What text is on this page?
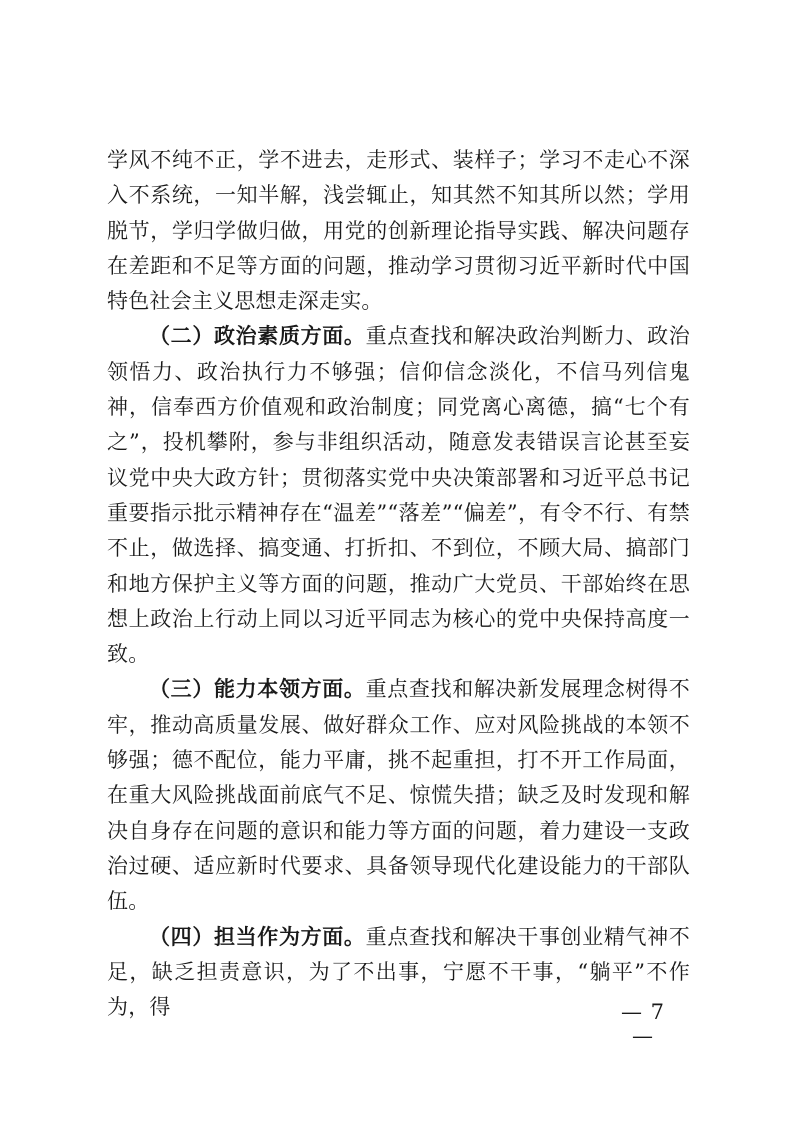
学风不纯不正，学不进去，走形式、装样子；学习不走心不深入不系统，一知半解，浅尝辄止，知其然不知其所以然；学用脱节，学归学做归做，用党的创新理论指导实践、解决问题存在差距和不足等方面的问题，推动学习贯彻习近平新时代中国特色社会主义思想走深走实。

（二）政治素质方面。重点查找和解决政治判断力、政治领悟力、政治执行力不够强；信仰信念淡化，不信马列信鬼神，信奉西方价值观和政治制度；同党离心离德，搞“七个有之”，投机攀附，参与非组织活动，随意发表错误言论甚至妄议党中央大政方针；贯彻落实党中央决策部署和习近平总书记重要指示批示精神存在“温差”“落差”“偏差”，有令不行、有禁不止，做选择、搞变通、打折扣、不到位，不顾大局、搞部门和地方保护主义等方面的问题，推动广大党员、干部始终在思想上政治上行动上同以习近平同志为核心的党中央保持高度一致。

（三）能力本领方面。重点查找和解决新发展理念树得不牢，推动高质量发展、做好群众工作、应对风险挑战的本领不够强；德不配位，能力平庸，挑不起重担，打不开工作局面，在重大风险挑战面前底气不足、惊慌失措；缺乏及时发现和解决自身存在问题的意识和能力等方面的问题，着力建设一支政治过硬、适应新时代要求、具备领导现代化建设能力的干部队伍。

（四）担当作为方面。重点查找和解决干事创业精气神不足，缺乏担责意识，为了不出事，宁愿不干事，“躺平”不作为，得	— 7 —
